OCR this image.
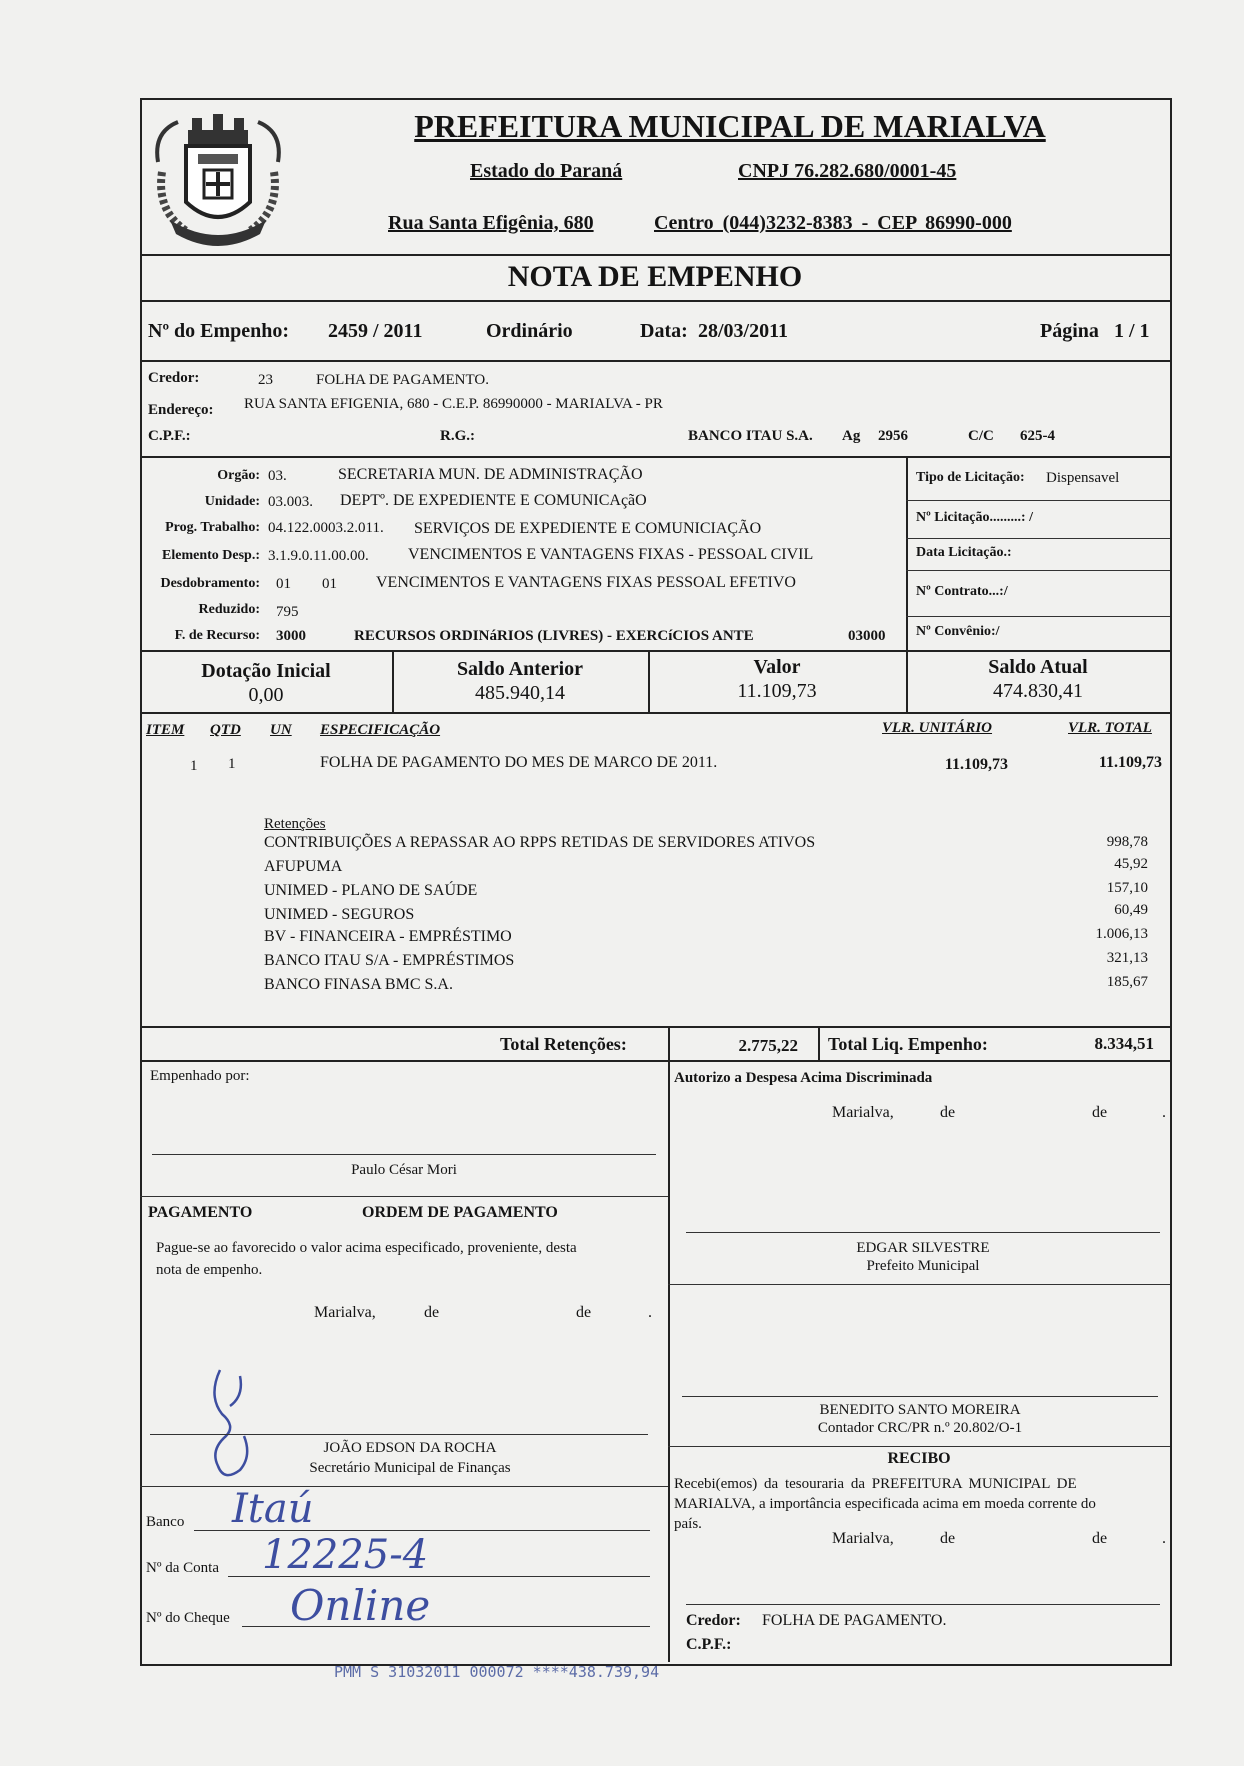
PREFEITURA MUNICIPAL DE MARIALVA
Estado do Paraná	CNPJ 76.282.680/0001-45
Rua Santa Efigênia, 680	Centro (044)3232-8383 - CEP 86990-000
NOTA DE EMPENHO
Nº do Empenho: 2459 / 2011	Ordinário	Data: 28/03/2011	Página 1 / 1
Credor:	23	FOLHA DE PAGAMENTO.
Endereço: RUA SANTA EFIGENIA, 680 - C.E.P. 86990000 - MARIALVA - PR
C.P.F.:	R.G.:	BANCO ITAU S.A. Ag 2956	C/C 625-4
Orgão: 03.	SECRETARIA MUN. DE ADMINISTRAÇÃO
Unidade: 03.003. DEPTº. DE EXPEDIENTE E COMUNICAçãO
Prog. Trabalho: 04.122.0003.2.011. SERVIÇOS DE EXPEDIENTE E COMUNICIAÇÃO
Elemento Desp.: 3.1.9.0.11.00.00. VENCIMENTOS E VANTAGENS FIXAS - PESSOAL CIVIL
Desdobramento: 01 01 VENCIMENTOS E VANTAGENS FIXAS PESSOAL EFETIVO
Reduzido: 795
F. de Recurso: 3000	RECURSOS ORDINáRIOS (LIVRES) - EXERCíCIOS ANTE	03000
Tipo de Licitação: Dispensavel
Nº Licitação.........: /
Data Licitação.:
Nº Contrato...:/
Nº Convênio:/
Dotação Inicial
0,00
Saldo Anterior
485.940,14
Valor
11.109,73
Saldo Atual
474.830,41
ITEM QTD UN ESPECIFICAÇÃO	VLR. UNITÁRIO	VLR. TOTAL
1 1	FOLHA DE PAGAMENTO DO MES DE MARCO DE 2011.	11.109,73	11.109,73
Retenções
CONTRIBUIÇÕES A REPASSAR AO RPPS RETIDAS DE SERVIDORES ATIVOS	998,78
AFUPUMA	45,92
UNIMED - PLANO DE SAÚDE	157,10
UNIMED - SEGUROS	60,49
BV - FINANCEIRA - EMPRÉSTIMO	1.006,13
BANCO ITAU S/A - EMPRÉSTIMOS	321,13
BANCO FINASA BMC S.A.	185,67
Total Retenções:	2.775,22 Total Liq. Empenho:	8.334,51
Empenhado por:
Paulo César Mori
Autorizo a Despesa Acima Discriminada
Marialva,	de	de	.
PAGAMENTO	ORDEM DE PAGAMENTO
Pague-se ao favorecido o valor acima especificado, proveniente, desta
nota de empenho.
Marialva,	de	de	.
EDGAR SILVESTRE
Prefeito Municipal
BENEDITO SANTO MOREIRA
Contador CRC/PR n.º 20.802/O-1
JOÃO EDSON DA ROCHA
Secretário Municipal de Finanças
RECIBO
Recebi(emos) da tesouraria da PREFEITURA MUNICIPAL DE
MARIALVA, a importância especificada acima em moeda corrente do
país.
Marialva,	de	de	.
Banco Itaú
Nº da Conta 12225-4
Nº do Cheque Online	Credor: FOLHA DE PAGAMENTO.
C.P.F.:
PMM S 31032011 000072 ****438.739,94
